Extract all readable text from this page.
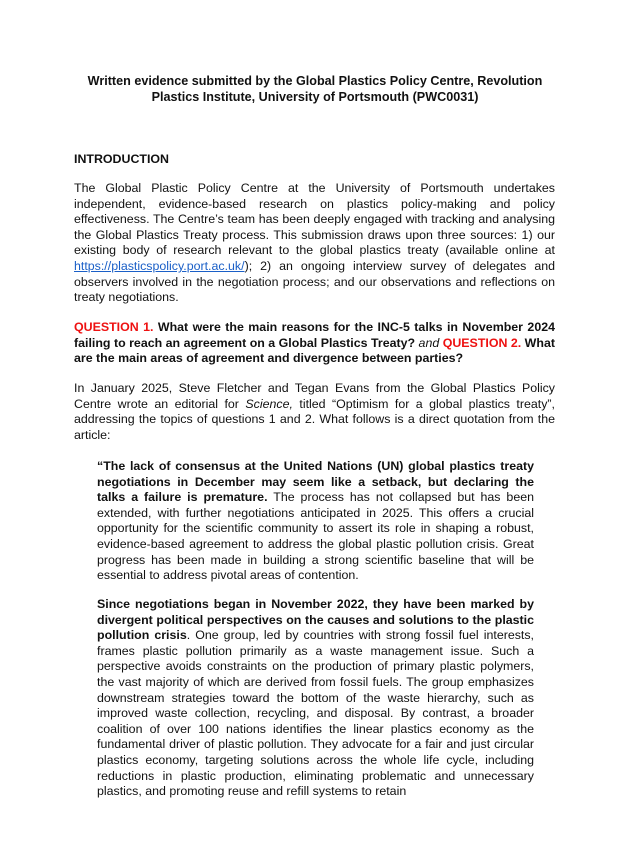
Written evidence submitted by the Global Plastics Policy Centre, Revolution
Plastics Institute, University of Portsmouth (PWC0031)
INTRODUCTION
The Global Plastic Policy Centre at the University of Portsmouth undertakes independent, evidence-based research on plastics policy-making and policy effectiveness. The Centre’s team has been deeply engaged with tracking and analysing the Global Plastics Treaty process. This submission draws upon three sources: 1) our existing body of research relevant to the global plastics treaty (available online at https://plasticspolicy.port.ac.uk/); 2) an ongoing interview survey of delegates and observers involved in the negotiation process; and our observations and reflections on treaty negotiations.
QUESTION 1. What were the main reasons for the INC-5 talks in November 2024 failing to reach an agreement on a Global Plastics Treaty? and QUESTION 2. What are the main areas of agreement and divergence between parties?
In January 2025, Steve Fletcher and Tegan Evans from the Global Plastics Policy Centre wrote an editorial for Science, titled “Optimism for a global plastics treaty”, addressing the topics of questions 1 and 2. What follows is a direct quotation from the article:
“The lack of consensus at the United Nations (UN) global plastics treaty negotiations in December may seem like a setback, but declaring the talks a failure is premature. The process has not collapsed but has been extended, with further negotiations anticipated in 2025. This offers a crucial opportunity for the scientific community to assert its role in shaping a robust, evidence-based agreement to address the global plastic pollution crisis. Great progress has been made in building a strong scientific baseline that will be essential to address pivotal areas of contention.
Since negotiations began in November 2022, they have been marked by divergent political perspectives on the causes and solutions to the plastic pollution crisis. One group, led by countries with strong fossil fuel interests, frames plastic pollution primarily as a waste management issue. Such a perspective avoids constraints on the production of primary plastic polymers, the vast majority of which are derived from fossil fuels. The group emphasizes downstream strategies toward the bottom of the waste hierarchy, such as improved waste collection, recycling, and disposal. By contrast, a broader coalition of over 100 nations identifies the linear plastics economy as the fundamental driver of plastic pollution. They advocate for a fair and just circular plastics economy, targeting solutions across the whole life cycle, including reductions in plastic production, eliminating problematic and unnecessary plastics, and promoting reuse and refill systems to retain
